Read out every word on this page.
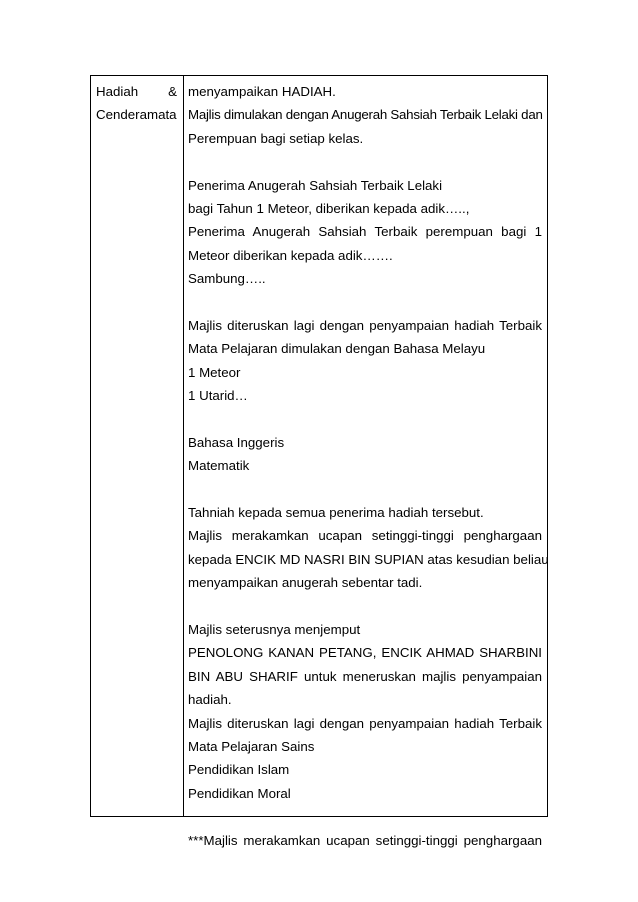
Hadiah &
Cenderamata
menyampaikan HADIAH.
Majlis dimulakan dengan Anugerah Sahsiah Terbaik Lelaki dan
Perempuan bagi setiap kelas.
Penerima Anugerah Sahsiah Terbaik Lelaki
bagi Tahun 1 Meteor, diberikan kepada adik…..,
Penerima Anugerah Sahsiah Terbaik perempuan bagi 1
Meteor diberikan kepada adik…….
Sambung…..
Majlis diteruskan lagi dengan penyampaian hadiah Terbaik
Mata Pelajaran dimulakan dengan Bahasa Melayu
1 Meteor
1 Utarid…
Bahasa Inggeris
Matematik
Tahniah kepada semua penerima hadiah tersebut.
Majlis merakamkan ucapan setinggi-tinggi penghargaan
kepada ENCIK MD NASRI BIN SUPIAN atas kesudian beliau
menyampaikan anugerah sebentar tadi.
Majlis seterusnya menjemput
PENOLONG KANAN PETANG, ENCIK AHMAD SHARBINI
BIN ABU SHARIF untuk meneruskan majlis penyampaian
hadiah.
Majlis diteruskan lagi dengan penyampaian hadiah Terbaik
Mata Pelajaran Sains
Pendidikan Islam
Pendidikan Moral
***Majlis merakamkan ucapan setinggi-tinggi penghargaan
